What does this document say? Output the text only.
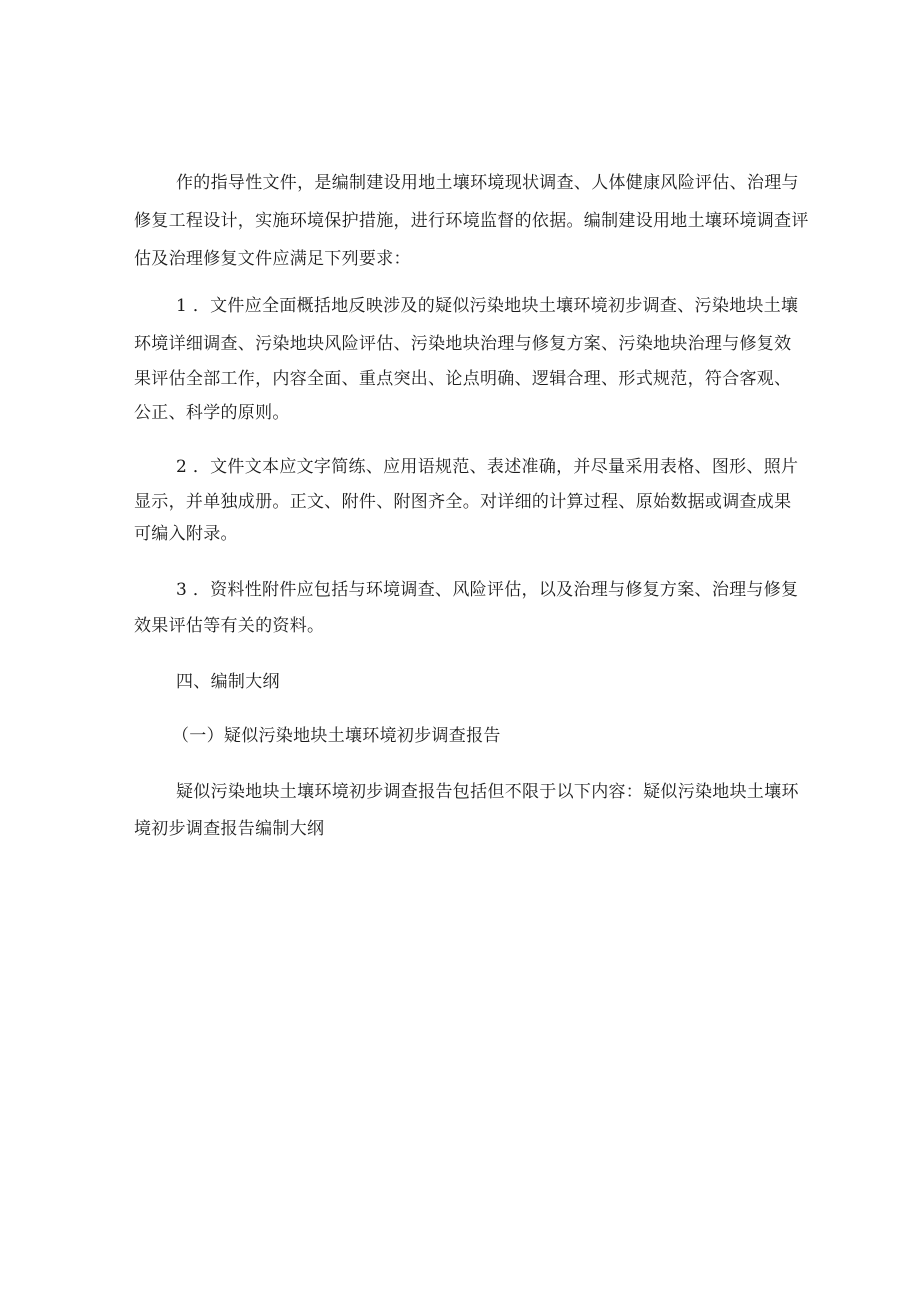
作的指导性文件，是编制建设用地土壤环境现状调查、人体健康风险评估、治理与
修复工程设计，实施环境保护措施，进行环境监督的依据。编制建设用地土壤环境调查评
估及治理修复文件应满足下列要求：
1 ．文件应全面概括地反映涉及的疑似污染地块土壤环境初步调查、污染地块土壤
环境详细调查、污染地块风险评估、污染地块治理与修复方案、污染地块治理与修复效
果评估全部工作，内容全面、重点突出、论点明确、逻辑合理、形式规范，符合客观、
公正、科学的原则。
2 ．文件文本应文字简练、应用语规范、表述准确，并尽量采用表格、图形、照片
显示，并单独成册。正文、附件、附图齐全。对详细的计算过程、原始数据或调查成果
可编入附录。
3 ．资料性附件应包括与环境调查、风险评估，以及治理与修复方案、治理与修复
效果评估等有关的资料。
四、编制大纲
（一）疑似污染地块土壤环境初步调查报告
疑似污染地块土壤环境初步调查报告包括但不限于以下内容：疑似污染地块土壤环
境初步调查报告编制大纲
